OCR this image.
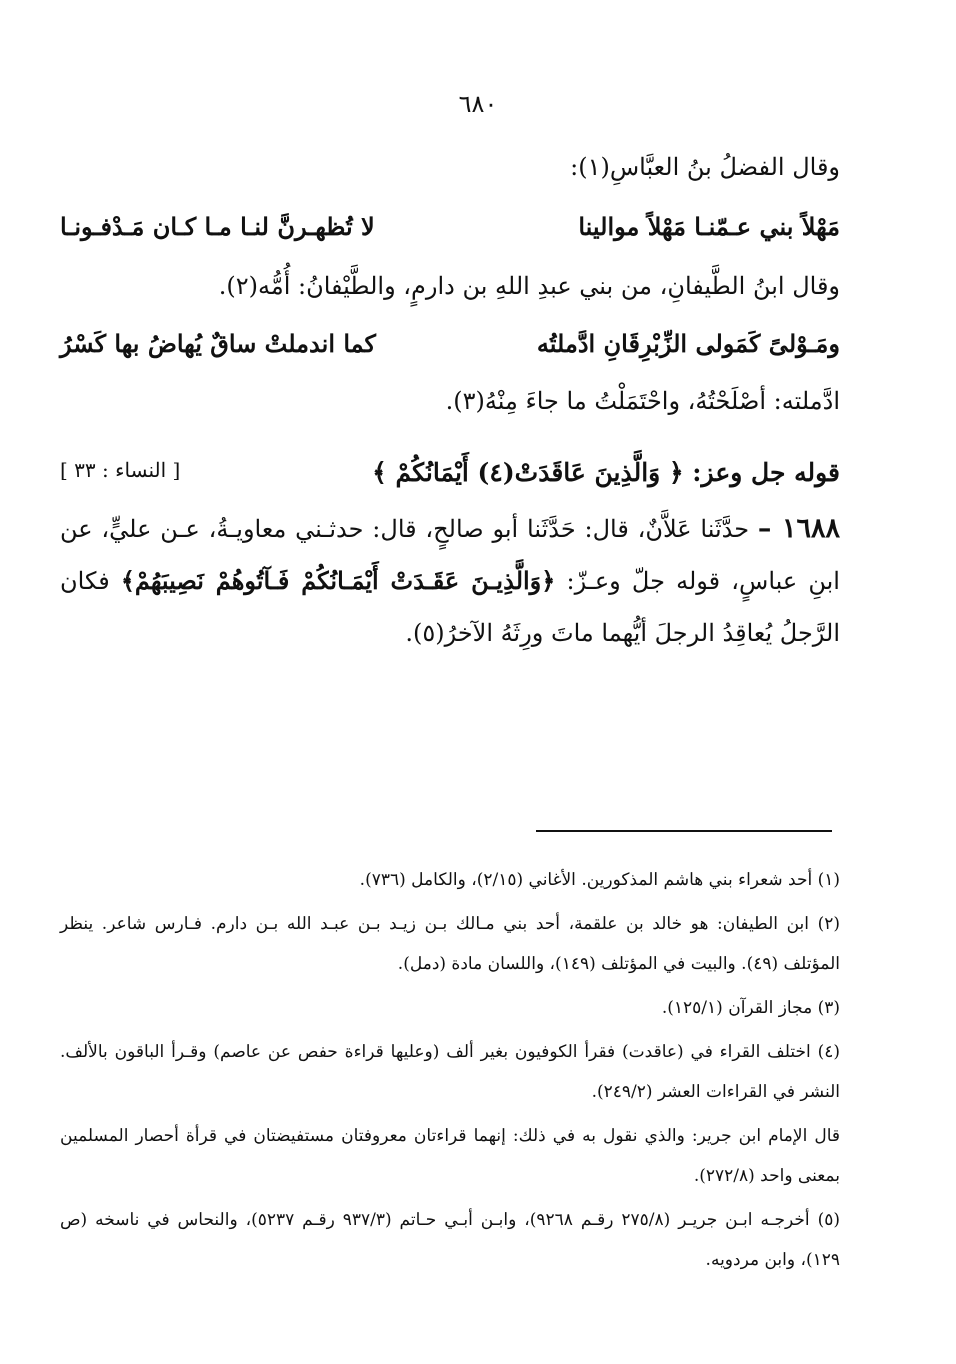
٦٨٠
وقال الفضلُ بنُ العبَّاسِ(١):
مَهْلاً بني عـمّنـا مَهْلاً موالينا
لا تُظهـرنَّ لنـا مـا كـان مَـدْفـونـا
وقال ابنُ الطَّيفانِ، من بني عبدِ اللهِ بن دارمٍ، والطَّيْفانُ: أُمُّه(٢).
ومَـوْلىً كَمَولى الزِّبْرِقَانِ ادَّملتُه
كما اندملتْ ساقٌ يُهاضُ بها كَسْرُ
ادَّملته: أصْلَحْتُهُ، واحْتَمَلْتُ ما جاءَ مِنْهُ(٣).
قوله جل وعز: ﴿ وَالَّذِينَ عَاقَدَتْ(٤) أَيْمَانُكُمْ ﴾
[ النساء : ٣٣ ]
١٦٨٨ – حدَّثَنا عَلاَّنٌ، قال: حَدَّثَنا أبو صالحٍ، قال: حدثـني معاويـةُ، عـن عليٍّ، عن ابنِ عباسٍ، قوله جلّ وعـزّ: ﴿وَالَّذِيـنَ عَقَـدَتْ أَيْمَـانُكُمْ فَـآتُوهُمْ نَصِيبَهُمْ﴾ فكان الرَّجلُ يُعاقِدُ الرجلَ أيُّهما ماتَ ورِثَهُ الآخرُ(٥).
(١) أحد شعراء بني هاشم المذكورين. الأغاني (٢/١٥)، والكامل (٧٣٦).
(٢) ابن الطيفان: هو خالد بن علقمة، أحد بني مـالك بـن زيـد بـن عبـد الله بـن دارم. فـارس شاعر. ينظر المؤتلف (٤٩). والبيت في المؤتلف (١٤٩)، واللسان مادة (دمل).
(٣) مجاز القرآن (١٢٥/١).
(٤) اختلف القراء في (عاقدت) فقرأ الكوفيون بغير ألف (وعليها قراءة حفص عن عاصم) وقـرأ الباقون بالألف. النشر في القراءات العشر (٢٤٩/٢).
قال الإمام ابن جرير: والذي نقول به في ذلك: إنهما قراءتان معروفتان مستفيضتان في قرأة أحصار المسلمين بمعنى واحد (٢٧٢/٨).
(٥) أخرجـه ابـن جريـر (٢٧٥/٨ رقـم ٩٢٦٨)، وابـن أبـي حـاتم (٩٣٧/٣ رقـم ٥٢٣٧)، والنحاس في ناسخه (ص ١٢٩)، وابن مردويه.
